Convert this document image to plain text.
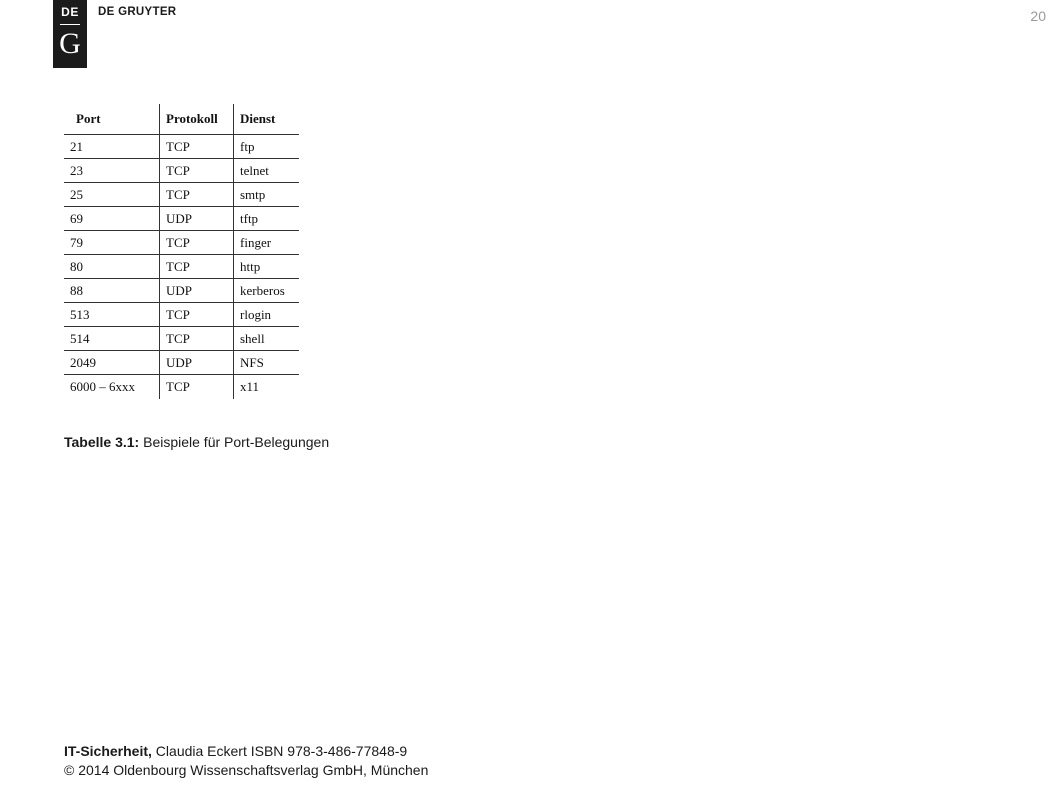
DE
G
DE GRUYTER	20
Port	Protokoll	Dienst
21	TCP	ftp
23	TCP	telnet
25	TCP	smtp
69	UDP	tftp
79	TCP	finger
80	TCP	http
88	UDP	kerberos
513	TCP	rlogin
514	TCP	shell
2049	UDP	NFS
6000 – 6xxx	TCP	x11
Tabelle 3.1: Beispiele für Port-Belegungen
IT-Sicherheit, Claudia Eckert ISBN 978-3-486-77848-9
© 2014 Oldenbourg Wissenschaftsverlag GmbH, München
